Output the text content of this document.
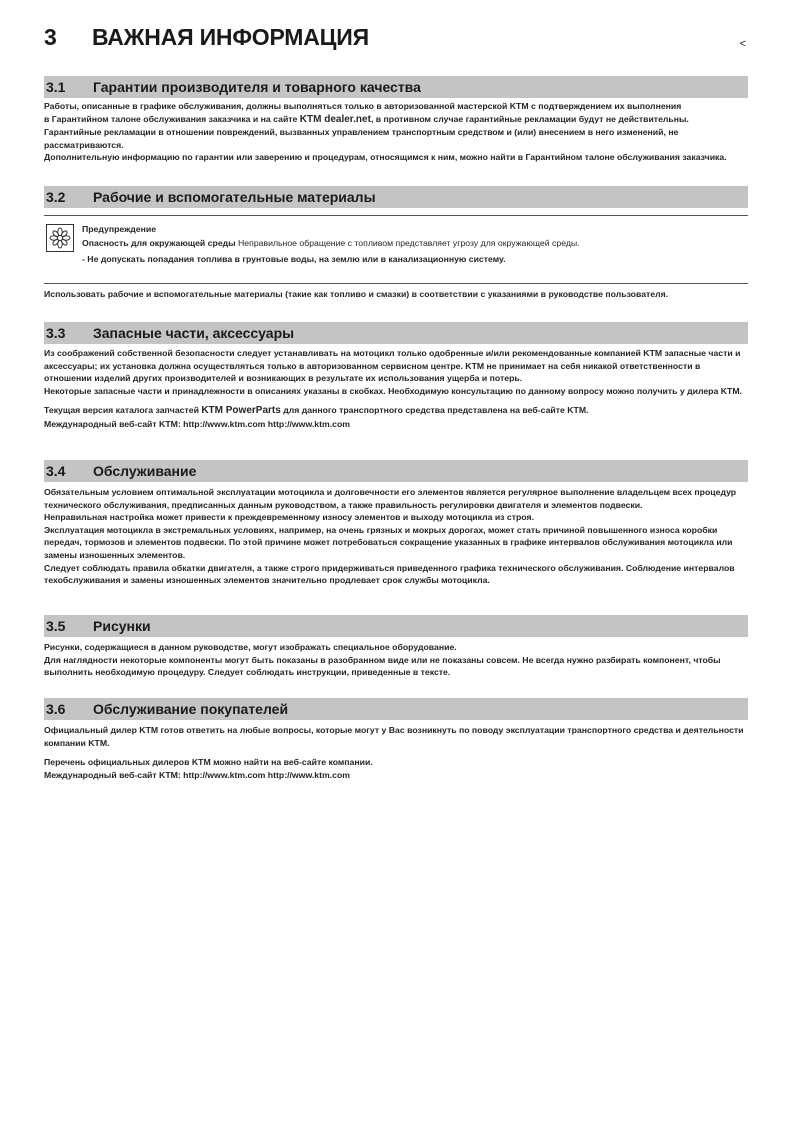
3 ВАЖНАЯ ИНФОРМАЦИЯ	<
3.1 Гарантии производителя и товарного качества

Работы, описанные в графике обслуживания, должны выполняться только в авторизованной мастерской KTM с подтверждением их выполнения

в Гарантийном талоне обслуживания заказчика и на сайте KTM dealer.net, в противном случае гарантийные рекламации будут не действительны.

Гарантийные рекламации в отношении повреждений, вызванных управлением транспортным средством и (или) внесением в него изменений, не рассматриваются.

Дополнительную информацию по гарантии или заверению и процедурам, относящимся к ним, можно найти в Гарантийном талоне обслуживания заказчика.

3.2 Рабочие и вспомогательные материалы

Предупреждение

Опасность для окружающей среды Неправильное обращение с топливом представляет угрозу для окружающей среды.

- Не допускать попадания топлива в грунтовые воды, на землю или в канализационную систему.

Использовать рабочие и вспомогательные материалы (такие как топливо и смазки) в соответствии с указаниями в руководстве пользователя.

3.3 Запасные части, аксессуары

Из соображений собственной безопасности следует устанавливать на мотоцикл только одобренные и/или рекомендованные компанией KTM запасные части и аксессуары; их установка должна осуществляться только в авторизованном сервисном центре. KTM не принимает на себя никакой ответственности в отношении изделий других производителей и возникающих в результате их использования ущерба и потерь.

Некоторые запасные части и принадлежности в описаниях указаны в скобках. Необходимую консультацию по данному вопросу можно получить у дилера KTM.

Текущая версия каталога запчастей KTM PowerParts для данного транспортного средства представлена на веб-сайте KTM.

Международный веб-сайт KTM: http://www.ktm.com http://www.ktm.com

3.4 Обслуживание

Обязательным условием оптимальной эксплуатации мотоцикла и долговечности его элементов является регулярное выполнение владельцем всех процедур технического обслуживания, предписанных данным руководством, а также правильность регулировки двигателя и элементов подвески.

Неправильная настройка может привести к преждевременному износу элементов и выходу мотоцикла из строя.

Эксплуатация мотоцикла в экстремальных условиях, например, на очень грязных и мокрых дорогах, может стать причиной повышенного износа коробки передач, тормозов и элементов подвески. По этой причине может потребоваться сокращение указанных в графике интервалов обслуживания мотоцикла или замены изношенных элементов.

Следует соблюдать правила обкатки двигателя, а также строго придерживаться приведенного графика технического обслуживания. Соблюдение интервалов техобслуживания и замены изношенных элементов значительно продлевает срок службы мотоцикла.

3.5 Рисунки

Рисунки, содержащиеся в данном руководстве, могут изображать специальное оборудование.

Для наглядности некоторые компоненты могут быть показаны в разобранном виде или не показаны совсем. Не всегда нужно разбирать компонент, чтобы выполнить необходимую процедуру. Следует соблюдать инструкции, приведенные в тексте.

3.6 Обслуживание покупателей

Официальный дилер KTM готов ответить на любые вопросы, которые могут у Вас возникнуть по поводу эксплуатации транспортного средства и деятельности компании KTM.

Перечень официальных дилеров KTM можно найти на веб-сайте компании.

Международный веб-сайт KTM: http://www.ktm.com http://www.ktm.com
